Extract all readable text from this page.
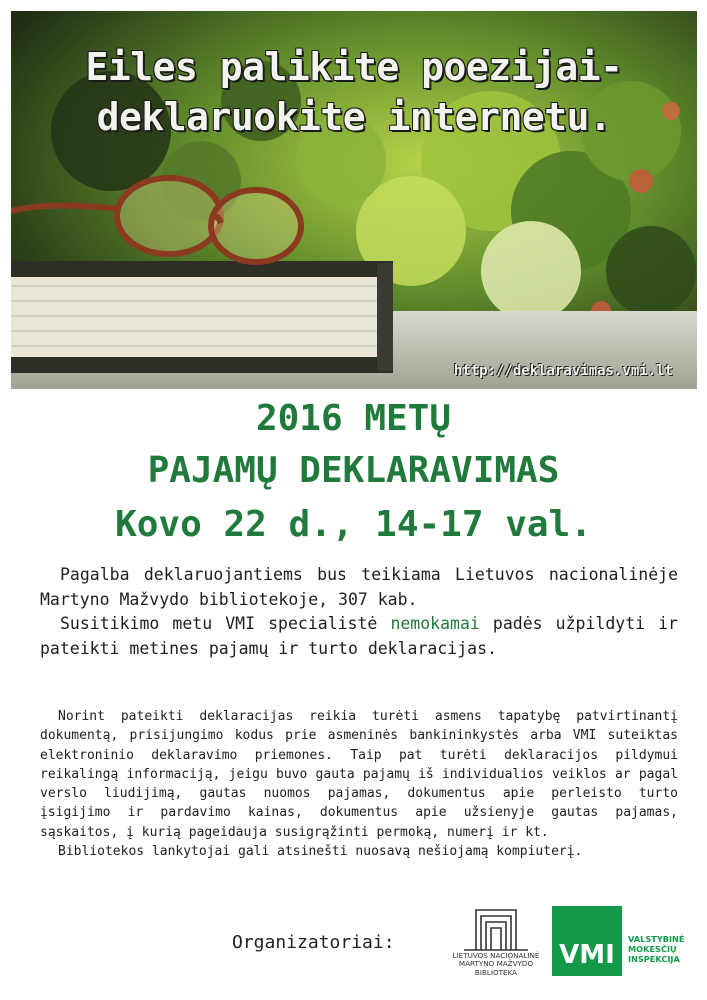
Eiles palikite poezijai-
deklaruokite internetu.
http://deklaravimas.vmi.lt
2016 METŲ
PAJAMŲ DEKLARAVIMAS
Kovo 22 d., 14-17 val.

Pagalba deklaruojantiems bus teikiama Lietuvos nacionalinėje Martyno Mažvydo bibliotekoje, 307 kab.

Susitikimo metu VMI specialistė nemokamai padės užpildyti ir pateikti metines pajamų ir turto deklaracijas.

Norint pateikti deklaracijas reikia turėti asmens tapatybę patvirtinantį dokumentą, prisijungimo kodus prie asmeninės bankininkystės arba VMI suteiktas elektroninio deklaravimo priemones. Taip pat turėti deklaracijos pildymui reikalingą informaciją, jeigu buvo gauta pajamų iš individualios veiklos ar pagal verslo liudijimą, gautas nuomos pajamas, dokumentus apie perleisto turto įsigijimo ir pardavimo kainas, dokumentus apie užsienyje gautas pajamas, sąskaitos, į kurią pageidauja susigrąžinti permoką, numerį ir kt.

Bibliotekos lankytojai gali atsinešti nuosavą nešiojamą kompiuterį.

Organizatoriai:
LIETUVOS NACIONALINĖ
MARTYNO MAŽVYDO
BIBLIOTEKA
VMI
VALSTYBINĖ
MOKESČIŲ
INSPEKCIJA
